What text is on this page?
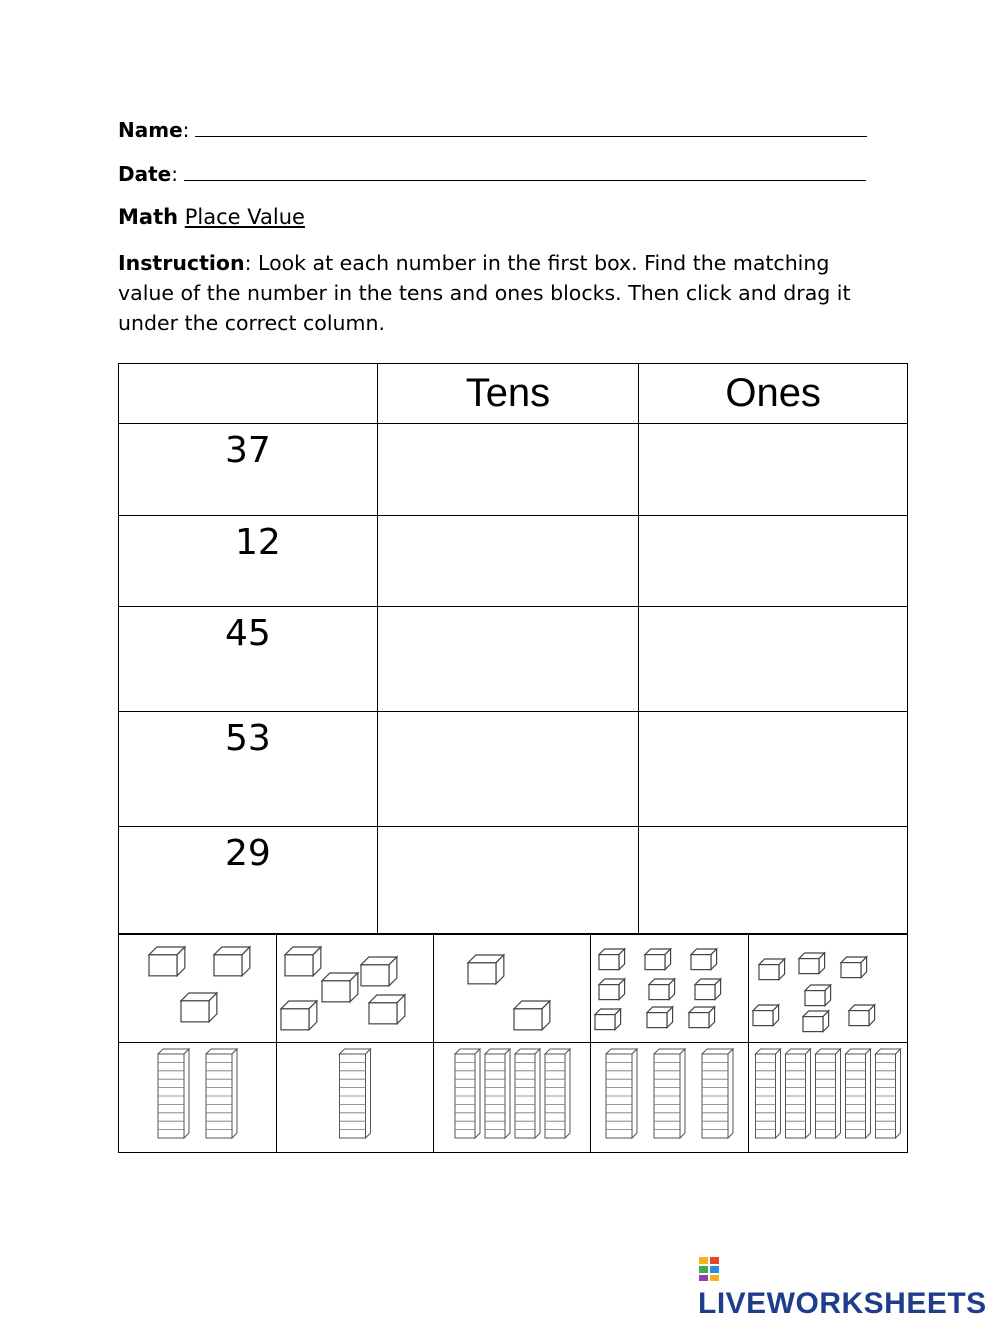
Name:
Date:
Math Place Value
Instruction: Look at each number in the first box. Find the matching value of the number in the tens and ones blocks. Then click and drag it under the correct column.
	Tens	Ones
37		
12		
45		
53		
29		

LIVEWORKSHEETS
